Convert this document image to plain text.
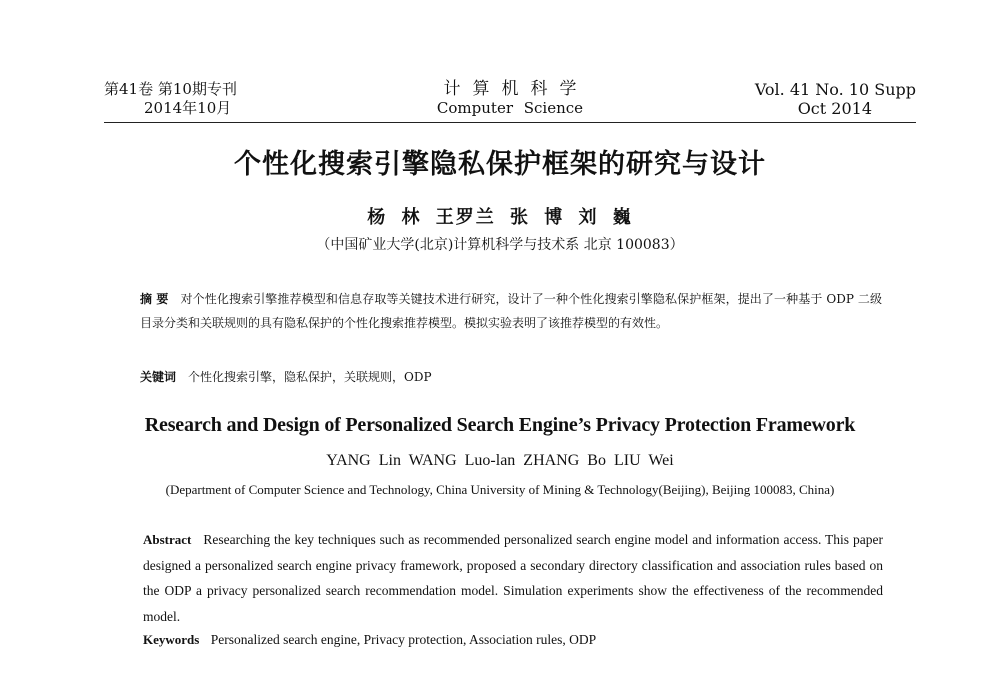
第41卷 第10期专刊
2014年10月
计算机科学
Computer Science
Vol. 41 No. 10 Supp
Oct 2014
个性化搜索引擎隐私保护框架的研究与设计
杨 林 王罗兰 张 博 刘 巍
（中国矿业大学(北京)计算机科学与技术系 北京 100083）
摘 要 对个性化搜索引擎推荐模型和信息存取等关键技术进行研究，设计了一种个性化搜索引擎隐私保护框架，提出了一种基于 ODP 二级目录分类和关联规则的具有隐私保护的个性化搜索推荐模型。模拟实验表明了该推荐模型的有效性。
关键词 个性化搜索引擎，隐私保护，关联规则，ODP
Research and Design of Personalized Search Engine’s Privacy Protection Framework
YANG Lin WANG Luo-lan ZHANG Bo LIU Wei
(Department of Computer Science and Technology, China University of Mining & Technology(Beijing), Beijing 100083, China)
Abstract Researching the key techniques such as recommended personalized search engine model and information access. This paper designed a personalized search engine privacy framework, proposed a secondary directory classification and association rules based on the ODP a privacy personalized search recommendation model. Simulation experiments show the effectiveness of the recommended model.
Keywords Personalized search engine, Privacy protection, Association rules, ODP
